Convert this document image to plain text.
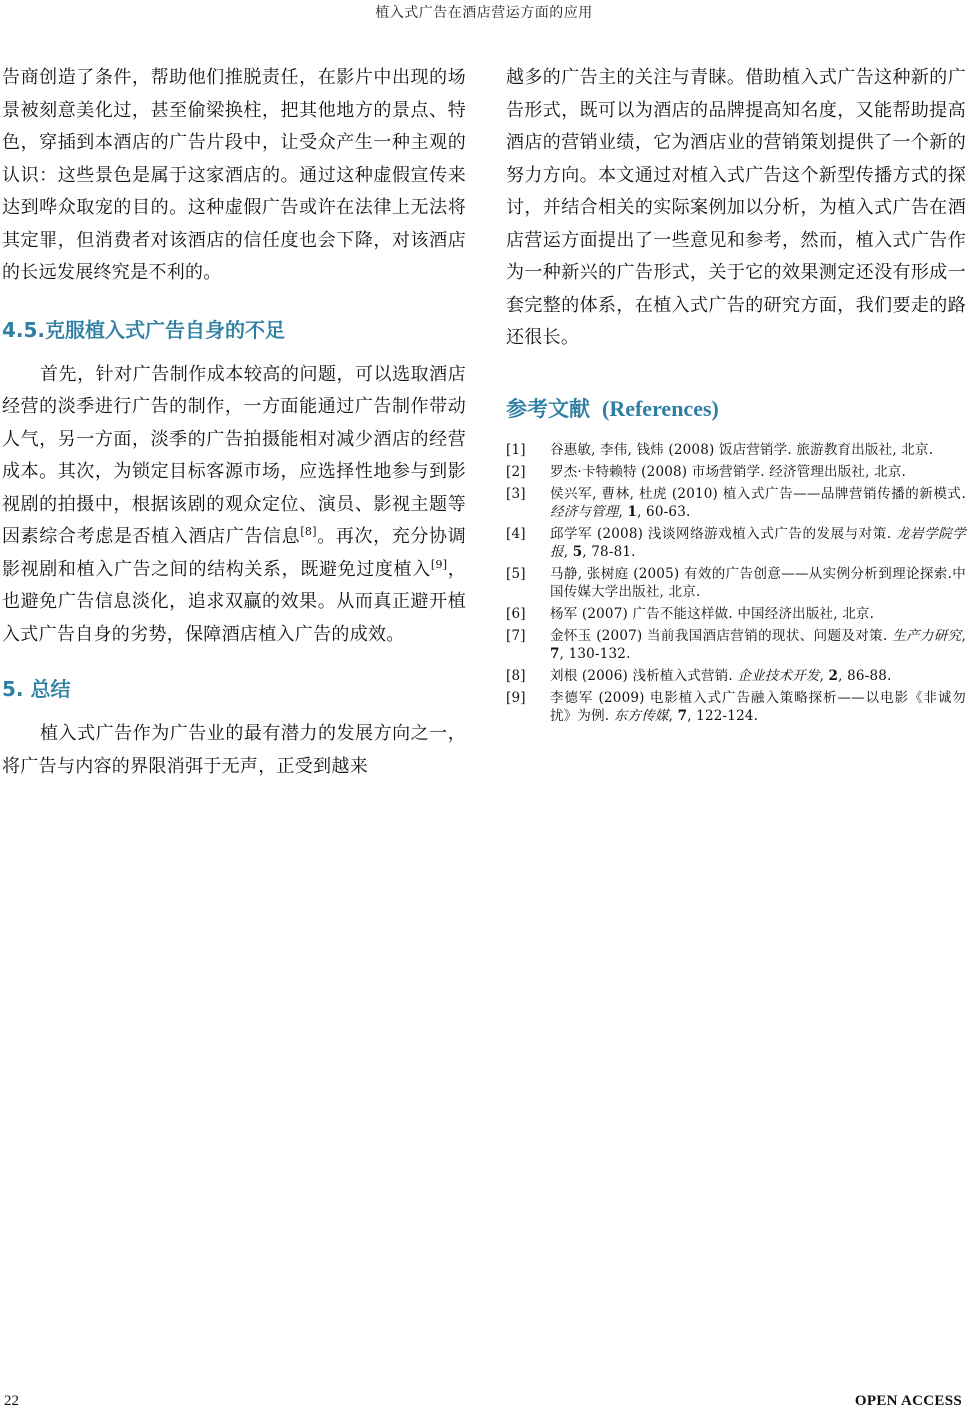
植入式广告在酒店营运方面的应用

告商创造了条件，帮助他们推脱责任，在影片中出现的场景被刻意美化过，甚至偷梁换柱，把其他地方的景点、特色，穿插到本酒店的广告片段中，让受众产生一种主观的认识：这些景色是属于这家酒店的。通过这种虚假宣传来达到哗众取宠的目的。这种虚假广告或许在法律上无法将其定罪，但消费者对该酒店的信任度也会下降，对该酒店的长远发展终究是不利的。

4.5.克服植入式广告自身的不足

首先，针对广告制作成本较高的问题，可以选取酒店经营的淡季进行广告的制作，一方面能通过广告制作带动人气，另一方面，淡季的广告拍摄能相对减少酒店的经营成本。其次，为锁定目标客源市场，应选择性地参与到影视剧的拍摄中，根据该剧的观众定位、演员、影视主题等因素综合考虑是否植入酒店广告信息[8]。再次，充分协调影视剧和植入广告之间的结构关系，既避免过度植入[9]，也避免广告信息淡化，追求双赢的效果。从而真正避开植入式广告自身的劣势，保障酒店植入广告的成效。

5. 总结

植入式广告作为广告业的最有潜力的发展方向之一，将广告与内容的界限消弭于无声，正受到越来

越多的广告主的关注与青睐。借助植入式广告这种新的广告形式，既可以为酒店的品牌提高知名度，又能帮助提高酒店的营销业绩，它为酒店业的营销策划提供了一个新的努力方向。本文通过对植入式广告这个新型传播方式的探讨，并结合相关的实际案例加以分析，为植入式广告在酒店营运方面提出了一些意见和参考，然而，植入式广告作为一种新兴的广告形式，关于它的效果测定还没有形成一套完整的体系，在植入式广告的研究方面，我们要走的路还很长。

参考文献 (References)
[1] 谷惠敏, 李伟, 钱炜 (2008) 饭店营销学. 旅游教育出版社, 北京.
[2] 罗杰·卡特赖特 (2008) 市场营销学. 经济管理出版社, 北京.
[3] 侯兴军, 曹林, 杜虎 (2010) 植入式广告——品牌营销传播的新模式. 经济与管理, 1, 60-63.
[4] 邱学军 (2008) 浅谈网络游戏植入式广告的发展与对策. 龙岩学院学报, 5, 78-81.
[5] 马静, 张树庭 (2005) 有效的广告创意——从实例分析到理论探索.中国传媒大学出版社, 北京.
[6] 杨军 (2007) 广告不能这样做. 中国经济出版社, 北京.
[7] 金怀玉 (2007) 当前我国酒店营销的现状、问题及对策. 生产力研究, 7, 130-132.
[8] 刘根 (2006) 浅析植入式营销. 企业技术开发, 2, 86-88.
[9] 李德军 (2009) 电影植入式广告融入策略探析——以电影《非诚勿扰》为例. 东方传媒, 7, 122-124.
22	OPEN ACCESS
